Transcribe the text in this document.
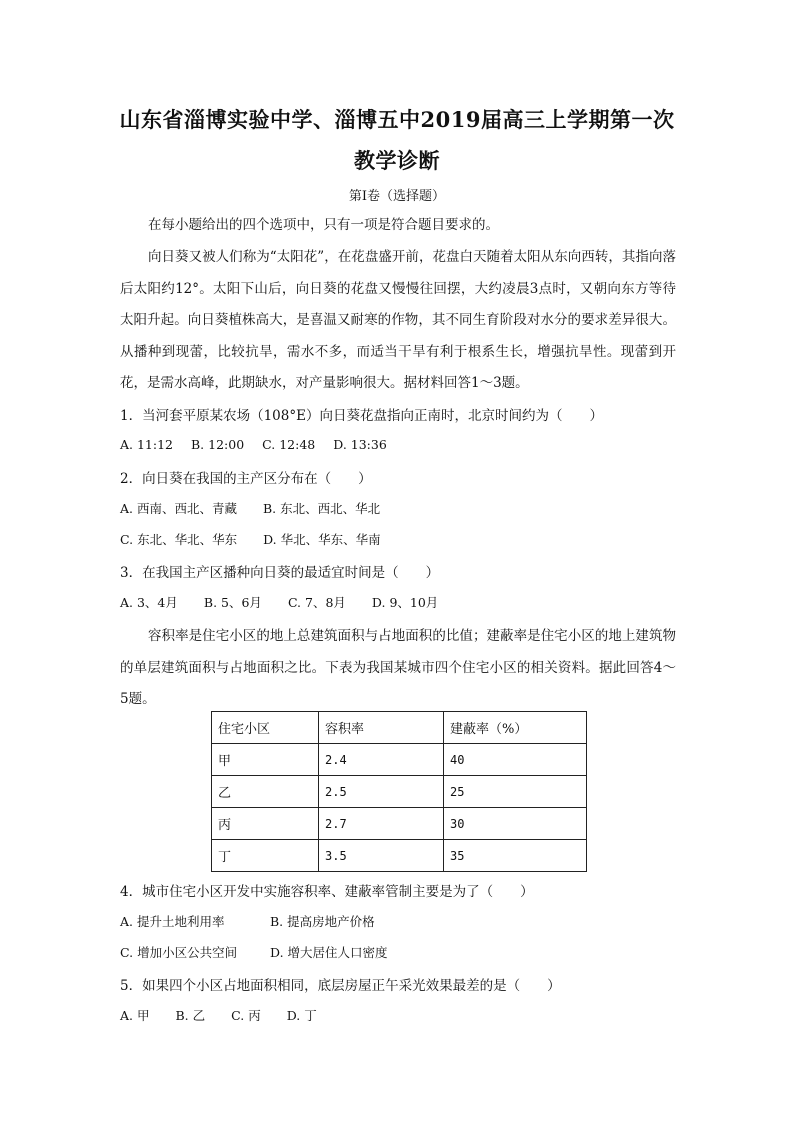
山东省淄博实验中学、淄博五中2019届高三上学期第一次
教学诊断
第Ⅰ卷（选择题）

在每小题给出的四个选项中，只有一项是符合题目要求的。

向日葵又被人们称为“太阳花”，在花盘盛开前，花盘白天随着太阳从东向西转，其指向落后太阳约12°。太阳下山后，向日葵的花盘又慢慢往回摆，大约凌晨3点时，又朝向东方等待太阳升起。向日葵植株高大，是喜温又耐寒的作物，其不同生育阶段对水分的要求差异很大。从播种到现蕾，比较抗旱，需水不多，而适当干旱有利于根系生长，增强抗旱性。现蕾到开花，是需水高峰，此期缺水，对产量影响很大。据材料回答1～3题。

1．当河套平原某农场（108°E）向日葵花盘指向正南时，北京时间约为（　　）
A. 11:12 B. 12:00 C. 12:48 D. 13:36
2．向日葵在我国的主产区分布在（　　）
A. 西南、西北、青藏 B. 东北、西北、华北
C. 东北、华北、华东 D. 华北、华东、华南
3．在我国主产区播种向日葵的最适宜时间是（　　）
A. 3、4月 B. 5、6月 C. 7、8月 D. 9、10月

容积率是住宅小区的地上总建筑面积与占地面积的比值；建蔽率是住宅小区的地上建筑物的单层建筑面积与占地面积之比。下表为我国某城市四个住宅小区的相关资料。据此回答4～5题。

住宅小区	容积率	建蔽率（%）
甲	2.4	40
乙	2.5	25
丙	2.7	30
丁	3.5	35
4．城市住宅小区开发中实施容积率、建蔽率管制主要是为了（　　）
A. 提升土地利用率	B. 提高房地产价格
C. 增加小区公共空间	D. 增大居住人口密度
5．如果四个小区占地面积相同，底层房屋正午采光效果最差的是（　　）
A. 甲 B. 乙 C. 丙 D. 丁
